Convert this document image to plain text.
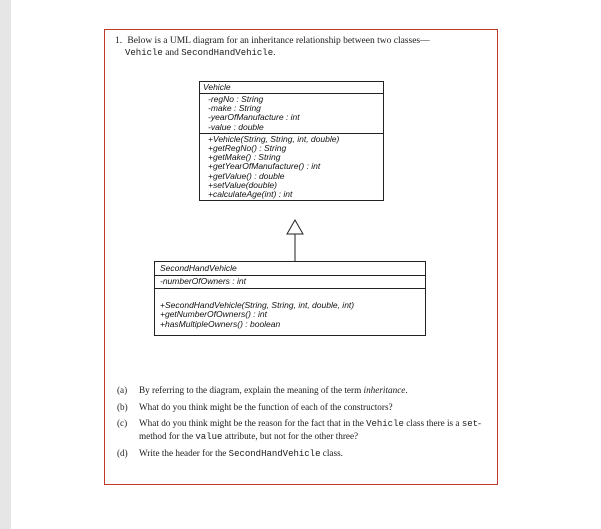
1. Below is a UML diagram for an inheritance relationship between two classes—
Vehicle and SecondHandVehicle.
Vehicle
-regNo : String
-make : String
-yearOfManufacture : int
-value : double
+Vehicle(String, String, int, double)
+getRegNo() : String
+getMake() : String
+getYearOfManufacture() : int
+getValue() : double
+setValue(double)
+calculateAge(int) : int
SecondHandVehicle
-numberOfOwners : int
+SecondHandVehicle(String, String, int, double, int)
+getNumberOfOwners() : int
+hasMultipleOwners() : boolean
(a) By referring to the diagram, explain the meaning of the term inheritance.
(b) What do you think might be the function of each of the constructors?
(c) What do you think might be the reason for the fact that in the Vehicle class there is a set-method for the value attribute, but not for the other three?
(d) Write the header for the SecondHandVehicle class.
